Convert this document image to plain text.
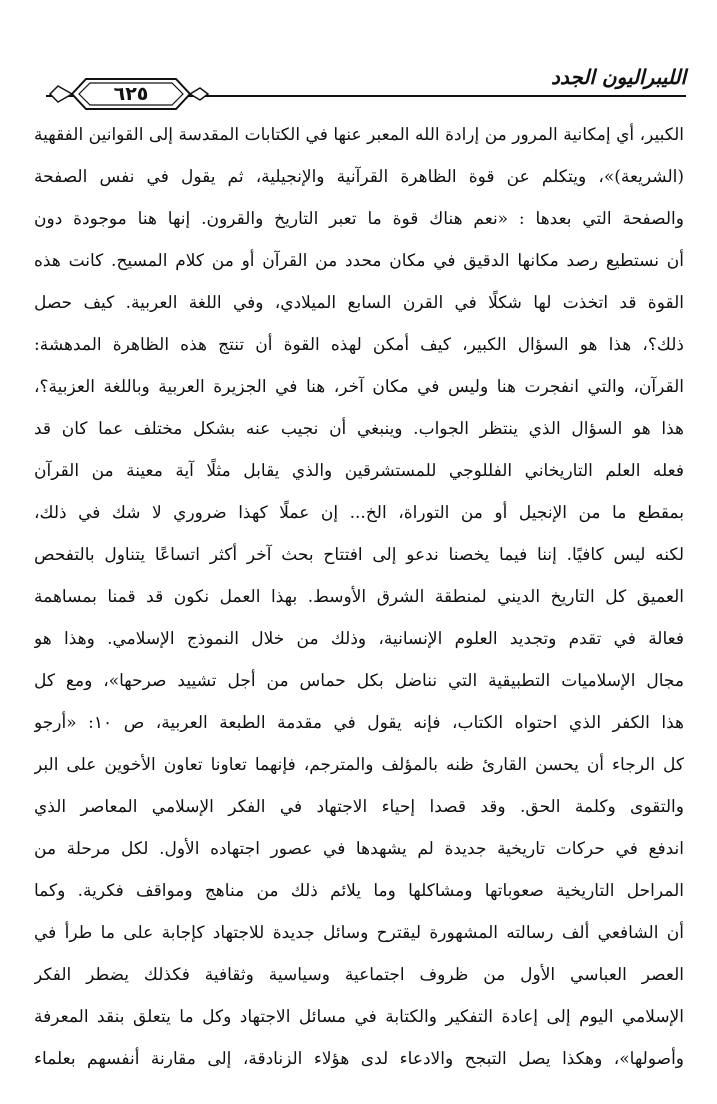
الليبراليون الجدد
٦٢٥
الكبير، أي إمكانية المرور من إرادة الله المعبر عنها في الكتابات المقدسة إلى القوانين الفقهية
(الشريعة)»، ويتكلم عن قوة الظاهرة القرآنية والإنجيلية، ثم يقول في نفس الصفحة
والصفحة التي بعدها : «نعم هناك قوة ما تعبر التاريخ والقرون. إنها هنا موجودة دون
أن نستطيع رصد مكانها الدقيق في مكان محدد من القرآن أو من كلام المسيح. كانت هذه
القوة قد اتخذت لها شكلًا في القرن السابع الميلادي، وفي اللغة العربية. كيف حصل
ذلك؟، هذا هو السؤال الكبير، كيف أمكن لهذه القوة أن تنتج هذه الظاهرة المدهشة:
القرآن، والتي انفجرت هنا وليس في مكان آخر، هنا في الجزيرة العربية وباللغة العزبية؟،
هذا هو السؤال الذي ينتظر الجواب. وينبغي أن نجيب عنه بشكل مختلف عما كان قد
فعله العلم التاريخاني الفللوجي للمستشرقين والذي يقابل مثلًا آية معينة من القرآن
بمقطع ما من الإنجيل أو من التوراة، الخ... إن عملًا كهذا ضروري لا شك في ذلك،
لكنه ليس كافيًا. إننا فيما يخصنا ندعو إلى افتتاح بحث آخر أكثر اتساعًا يتناول بالتفحص
العميق كل التاريخ الديني لمنطقة الشرق الأوسط. بهذا العمل نكون قد قمنا بمساهمة
فعالة في تقدم وتجديد العلوم الإنسانية، وذلك من خلال النموذج الإسلامي. وهذا هو
مجال الإسلاميات التطبيقية التي نناضل بكل حماس من أجل تشييد صرحها»، ومع كل
هذا الكفر الذي احتواه الكتاب، فإنه يقول في مقدمة الطبعة العربية، ص ١٠: «أرجو
كل الرجاء أن يحسن القارئ ظنه بالمؤلف والمترجم، فإنهما تعاونا تعاون الأخوين على البر
والتقوى وكلمة الحق. وقد قصدا إحياء الاجتهاد في الفكر الإسلامي المعاصر الذي
اندفع في حركات تاريخية جديدة لم يشهدها في عصور اجتهاده الأول. لكل مرحلة من
المراحل التاريخية صعوباتها ومشاكلها وما يلائم ذلك من مناهج ومواقف فكرية. وكما
أن الشافعي ألف رسالته المشهورة ليقترح وسائل جديدة للاجتهاد كإجابة على ما طرأ في
العصر العباسي الأول من ظروف اجتماعية وسياسية وثقافية فكذلك يضطر الفكر
الإسلامي اليوم إلى إعادة التفكير والكتابة في مسائل الاجتهاد وكل ما يتعلق بنقد المعرفة
وأصولها»، وهكذا يصل التبجح والادعاء لدى هؤلاء الزنادقة، إلى مقارنة أنفسهم بعلماء
